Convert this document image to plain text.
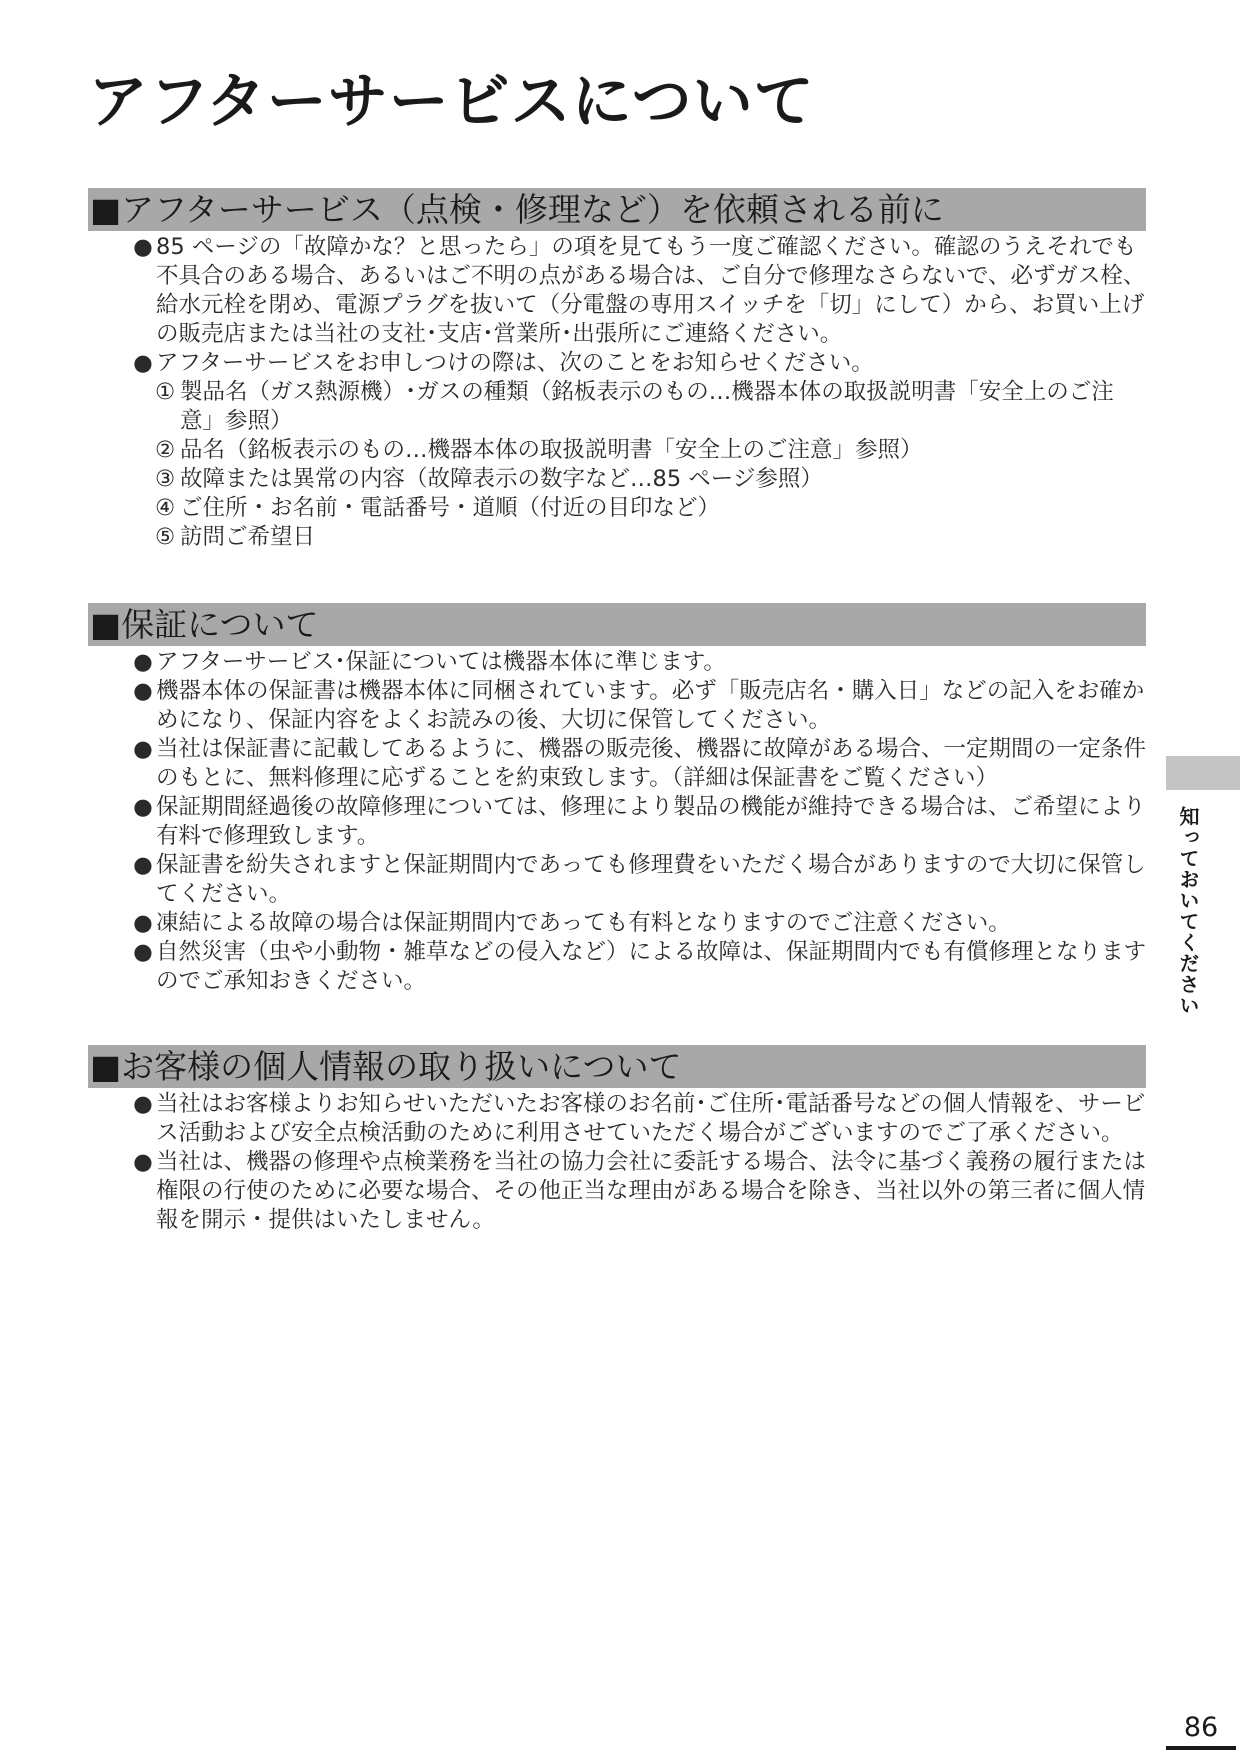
アフターサービスについて
■アフターサービス（点検・修理など）を依頼される前に
● 85 ページの「故障かな？と思ったら」の項を見てもう一度ご確認ください。確認のうえそれでも不具合のある場合、あるいはご不明の点がある場合は、ご自分で修理なさらないで、必ずガス栓、給水元栓を閉め、電源プラグを抜いて（分電盤の専用スイッチを「切」にして）から、お買い上げの販売店または当社の支社･支店･営業所･出張所にご連絡ください。
● アフターサービスをお申しつけの際は、次のことをお知らせください。
① 製品名（ガス熱源機）･ガスの種類（銘板表示のもの…機器本体の取扱説明書「安全上のご注意」参照）
② 品名（銘板表示のもの…機器本体の取扱説明書「安全上のご注意」参照）
③ 故障または異常の内容（故障表示の数字など…85 ページ参照）
④ ご住所・お名前・電話番号・道順（付近の目印など）
⑤ 訪問ご希望日
■保証について
● アフターサービス･保証については機器本体に準じます。
● 機器本体の保証書は機器本体に同梱されています。必ず「販売店名・購入日」などの記入をお確かめになり、保証内容をよくお読みの後、大切に保管してください。
● 当社は保証書に記載してあるように、機器の販売後、機器に故障がある場合、一定期間の一定条件のもとに、無料修理に応ずることを約束致します。（詳細は保証書をご覧ください）
● 保証期間経過後の故障修理については、修理により製品の機能が維持できる場合は、ご希望により有料で修理致します。
● 保証書を紛失されますと保証期間内であっても修理費をいただく場合がありますので大切に保管してください。
● 凍結による故障の場合は保証期間内であっても有料となりますのでご注意ください。
● 自然災害（虫や小動物・雑草などの侵入など）による故障は、保証期間内でも有償修理となりますのでご承知おきください。
■お客様の個人情報の取り扱いについて
● 当社はお客様よりお知らせいただいたお客様のお名前･ご住所･電話番号などの個人情報を、サービス活動および安全点検活動のために利用させていただく場合がございますのでご了承ください。
● 当社は、機器の修理や点検業務を当社の協力会社に委託する場合、法令に基づく義務の履行または権限の行使のために必要な場合、その他正当な理由がある場合を除き、当社以外の第三者に個人情報を開示・提供はいたしません。
知っておいてください
86
